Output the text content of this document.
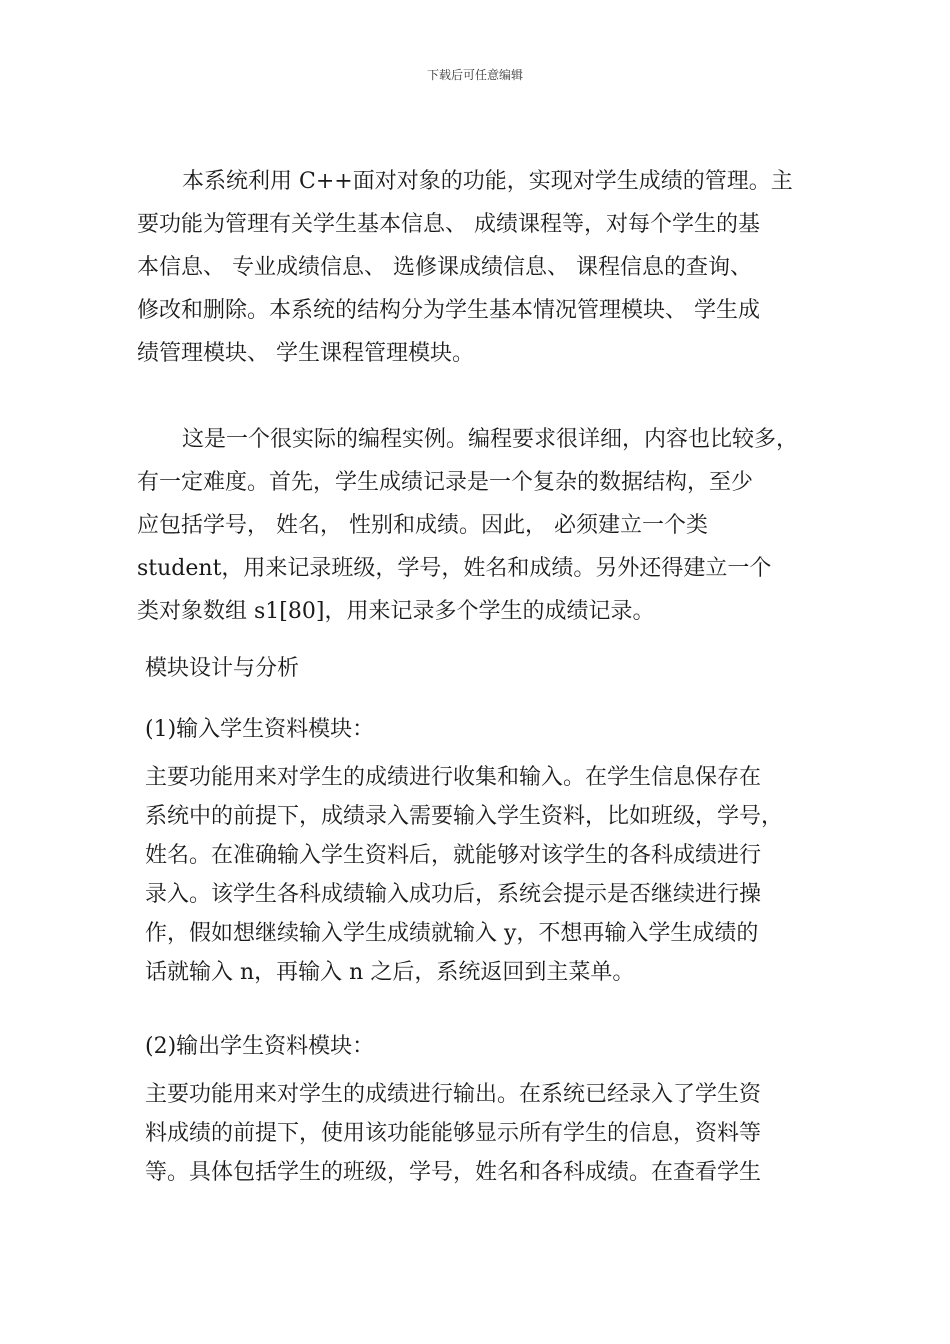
下载后可任意编辑
本系统利用 C++面对对象的功能，实现对学生成绩的管理。主
要功能为管理有关学生基本信息、 成绩课程等，对每个学生的基
本信息、 专业成绩信息、 选修课成绩信息、 课程信息的查询、
修改和删除。本系统的结构分为学生基本情况管理模块、 学生成
绩管理模块、 学生课程管理模块。
这是一个很实际的编程实例。编程要求很详细，内容也比较多，
有一定难度。首先，学生成绩记录是一个复杂的数据结构，至少
应包括学号， 姓名， 性别和成绩。因此， 必须建立一个类
student，用来记录班级，学号，姓名和成绩。另外还得建立一个
类对象数组 s1[80]，用来记录多个学生的成绩记录。
模块设计与分析
(1)输入学生资料模块：
主要功能用来对学生的成绩进行收集和输入。在学生信息保存在
系统中的前提下，成绩录入需要输入学生资料，比如班级，学号，
姓名。在准确输入学生资料后，就能够对该学生的各科成绩进行
录入。该学生各科成绩输入成功后，系统会提示是否继续进行操
作，假如想继续输入学生成绩就输入 y，不想再输入学生成绩的
话就输入 n，再输入 n 之后，系统返回到主菜单。
(2)输出学生资料模块：
主要功能用来对学生的成绩进行输出。在系统已经录入了学生资
料成绩的前提下，使用该功能能够显示所有学生的信息，资料等
等。具体包括学生的班级，学号，姓名和各科成绩。在查看学生
